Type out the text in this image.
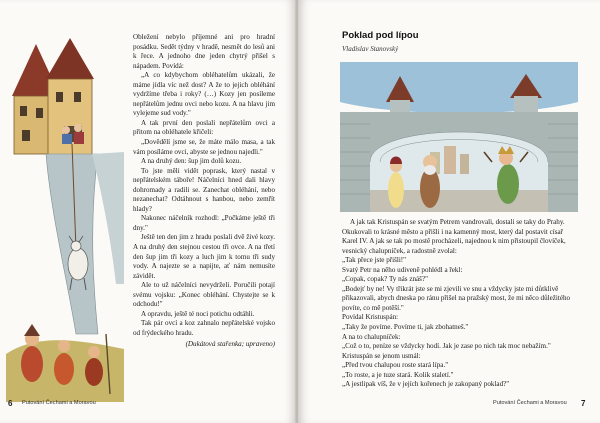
Obležení nebylo příjemné ani pro hradní posádku. Sedět týdny v hradě, nesmět do lesů ani k řece. A jednoho dne jeden chytrý přišel s nápadem. Povídá:

„A co kdybychom obléhatelům ukázali, že máme jídla víc než dost? A že to jejich obléhání vydržíme třeba i roky? (…) Kozy jen posíleme nepřátelům jednu ovci nebo kozu. A na hlavu jim vylejeme sud vody."

A tak první den poslali nepřátelům ovci a přitom na obléhatele křičeli:

„Dovědělí jsme se, že máte málo masa, a tak vám posíláme ovci, abyste se jednou najedli."

A na druhý den: šup jim dolů kozu.

To jste měli vidět poprask, který nastal v nepřátelském táboře! Náčelníci hned dali hlavy dohromady a radili se. Zanechat obléhání, nebo nezanechat? Odtáhnout s hanbou, nebo zemřít hlady?

Nakonec náčelník rozhodl: „Počkáme ještě tři dny."

Ještě ten den jim z hradu poslali dvě živé kozy. A na druhý den stejnou cestou tři ovce. A na třetí den šup jim tři kozy a luch jim k tomu tři sudy vody. A najezte se a napijte, ať nám nemusíte závidět.

Ale to už náčelníci nevydrželi. Poručili potají svému vojsku: „Konec obléhání. Chystejte se k odchodu!"

A opravdu, ještě té noci potichu odtáhli.

Tak pár ovcí a koz zahnalo nepřátelské vojsko od frýdeckého hradu.

(Dukátová stařenka; upraveno)

6 Putování Čechami a Moravou	7
Putování Čechami a Moravou
Poklad pod lípou
Vladislav Stanovský

A jak tak Kristuspán se svatým Petrem vandrovali, dostali se taky do Prahy. Okukovali to krásné město a přišli i na kamenný most, který dal postavit císař Karel IV. A jak se tak po mostě procházeli, najednou k nim přistoupil človíček, vesnický chalupníček, a radostně zvolal:

„Tak přece jste přišli!"

Svatý Petr na něho udiveně pohlédl a řekl:

„Copak, copak? Ty nás znáš?"

„Bodejť by ne! Vy třikrát jste se mi zjevili ve snu a vždycky jste mi důtklivě přikazovali, abych dneska po ránu přišel na pražský most, že mi něco důležitého povíte, co mě potěší."

Povídal Kristuspán:

„Taky že povíme. Povíme ti, jak zbohatneš."

A na to chalupníček:

„Což o to, peníze se vždycky hodí. Jak je zase po nich tak moc nebažím."

Kristuspán se jenom usmál:

„Před tvou chalupou roste stará lípa."

„To roste, a je tuze stará. Kolik staletí."

„A jestlipak víš, že v jejích kořenech je zakopaný poklad?"
